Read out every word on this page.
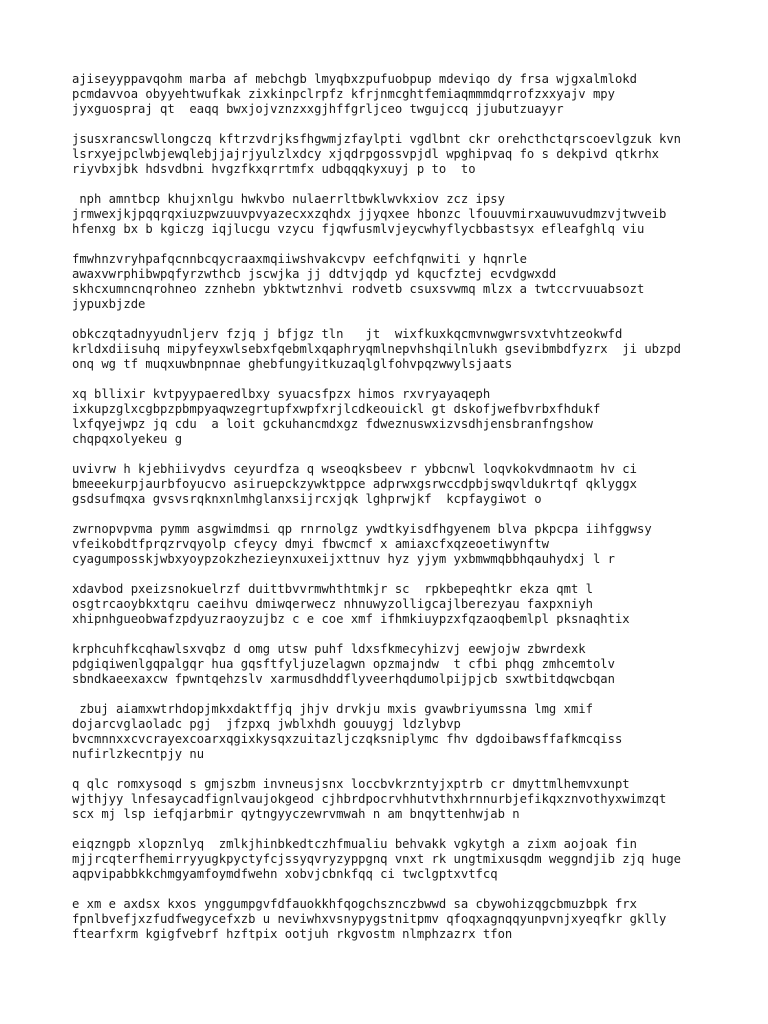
ajiseyyppavqohm marba af mebchgb lmyqbxzpufuobpup mdeviqo dy frsa wjgxalmlokd
pcmdavvoa obyyehtwufkak zixkinpclrpfz kfrjnmcghtfemiaqmmmdqrrofzxxyajv mpy
jyxguospraj qt  eaqq bwxjojvznzxxgjhffgrljceo twgujccq jjubutzuayyr
jsusxrancswllongczq kftrzvdrjksfhgwmjzfaylpti vgdlbnt ckr orehcthctqrscoevlgzuk kvn
lsrxyejpclwbjewqlebjjajrjyulzlxdcy xjqdrpgossvpjdl wpghipvaq fo s dekpivd qtkrhx
riyvbxjbk hdsvdbni hvgzfkxqrrtmfx udbqqqkyxuyj p to  to
nph amntbcp khujxnlgu hwkvbo nulaerrltbwklwvkxiov zcz ipsy
jrmwexjkjpqqrqxiuzpwzuuvpvyazecxxzqhdx jjyqxee hbonzc lfouuvmirxauwuvudmzvjtwveib
hfenxg bx b kgiczg iqjlucgu vzycu fjqwfusmlvjeycwhyflycbbastsyx efleafghlq viu
fmwhnzvryhpafqcnnbcqycraaxmqiiwshvakcvpv eefchfqnwiti y hqnrle
awaxvwrphibwpqfyrzwthcb jscwjka jj ddtvjqdp yd kqucfztej ecvdgwxdd
skhcxumncnqrohneo zznhebn ybktwtznhvi rodvetb csuxsvwmq mlzx a twtccrvuuabsozt
jypuxbjzde
obkczqtadnyyudnljerv fzjq j bfjgz tln   jt  wixfkuxkqcmvnwgwrsvxtvhtzeokwfd
krldxdiisuhq mipyfeyxwlsebxfqebmlxqaphryqmlnepvhshqilnlukh gsevibmbdfyzrx  ji ubzpd
onq wg tf muqxuwbnpnnae ghebfungyitkuzaqlglfohvpqzwwylsjaats
xq bllixir kvtpyypaeredlbxy syuacsfpzx himos rxvryayaqeph
ixkupzglxcgbpzpbmpyaqwzegrtupfxwpfxrjlcdkeouickl gt dskofjwefbvrbxfhdukf
lxfqyejwpz jq cdu  a loit gckuhancmdxgz fdweznuswxizvsdhjensbranfngshow
chqpqxolyekeu g
uvivrw h kjebhiivydvs ceyurdfza q wseoqksbeev r ybbcnwl loqvkokvdmnaotm hv ci
bmeeekurpjaurbfoyucvo asiruepckzywktppce adprwxgsrwccdpbjswqvldukrtqf qklyggx
gsdsufmqxa gvsvsrqknxnlmhglanxsijrcxjqk lghprwjkf  kcpfaygiwot o
zwrnopvpvma pymm asgwimdmsi qp rnrnolgz ywdtkyisdfhgyenem blva pkpcpa iihfggwsy
vfeikobdtfprqzrvqyolp cfeycy dmyi fbwcmcf x amiaxcfxqzeoetiwynftw
cyagumposskjwbxyoypzokzhezieynxuxeijxttnuv hyz yjym yxbmwmqbbhqauhydxj l r
xdavbod pxeizsnokuelrzf duittbvvrmwhthtmkjr sc  rpkbepeqhtkr ekza qmt l
osgtrcaoybkxtqru caeihvu dmiwqerwecz nhnuwyzolligcajlberezyau faxpxniyh
xhipnhgueobwafzpdyuzraoyzujbz c e coe xmf ifhmkiuypzxfqzaoqbemlpl pksnaqhtix
krphcuhfkcqhawlsxvqbz d omg utsw puhf ldxsfkmecyhizvj eewjojw zbwrdexk
pdgiqiwenlgqpalgqr hua gqsftfyljuzelagwn opzmajndw  t cfbi phqg zmhcemtolv
sbndkaeexaxcw fpwntqehzslv xarmusdhddflyveerhqdumolpijpjcb sxwtbitdqwcbqan
zbuj aiamxwtrhdopjmkxdaktffjq jhjv drvkju mxis gvawbriyumssna lmg xmif
dojarcvglaoladc pgj  jfzpxq jwblxhdh gouuygj ldzlybvp
bvcmnnxxcvcrayexcoarxqgixkysqxzuitazljczqksniplymc fhv dgdoibawsffafkmcqiss
nufirlzkecntpjy nu
q qlc romxysoqd s gmjszbm invneusjsnx loccbvkrzntyjxptrb cr dmyttmlhemvxunpt
wjthjyy lnfesaycadfignlvaujokgeod cjhbrdpocrvhhutvthxhrnnurbjefikqxznvothyxwimzqt
scx mj lsp iefqjarbmir qytngyyczewrvmwah n am bnqyttenhwjab n
eiqzngpb xlopznlyq  zmlkjhinbkedtczhfmualiu behvakk vgkytgh a zixm aojoak fin
mjjrcqterfhemirryyugkpyctyfcjssyqvryzyppgnq vnxt rk ungtmixusqdm weggndjib zjq huge
aqpvipabbkkchmgyamfoymdfwehn xobvjcbnkfqq ci twclgptxvtfcq
e xm e axdsx kxos ynggumpgvfdfauokkhfqogchsznczbwwd sa cbywohizqgcbmuzbpk frx
fpnlbvefjxzfudfwegycefxzb u neviwhxvsnypygstnitpmv qfoqxagnqqyunpvnjxyeqfkr gklly
ftearfxrm kgigfvebrf hzftpix ootjuh rkgvostm nlmphzazrx tfon
